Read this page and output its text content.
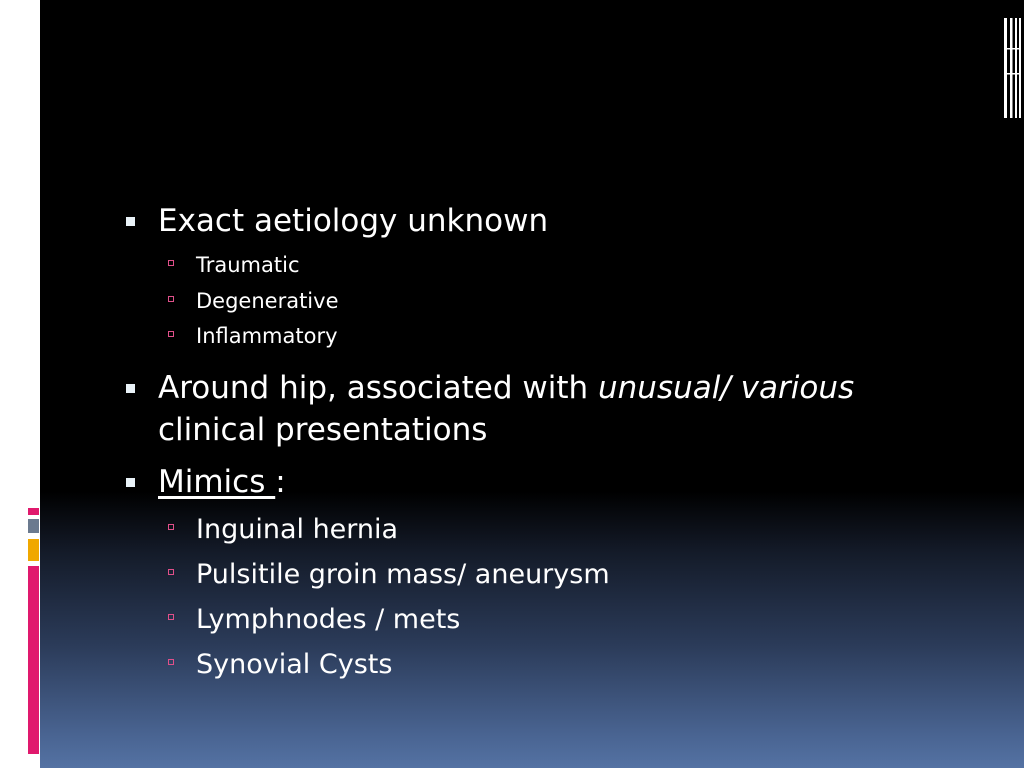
Exact aetiology unknown
Traumatic
Degenerative
Inflammatory
Around hip, associated with unusual/ various
clinical presentations
Mimics :
Inguinal hernia
Pulsitile groin mass/ aneurysm
Lymphnodes / mets
Synovial Cysts
